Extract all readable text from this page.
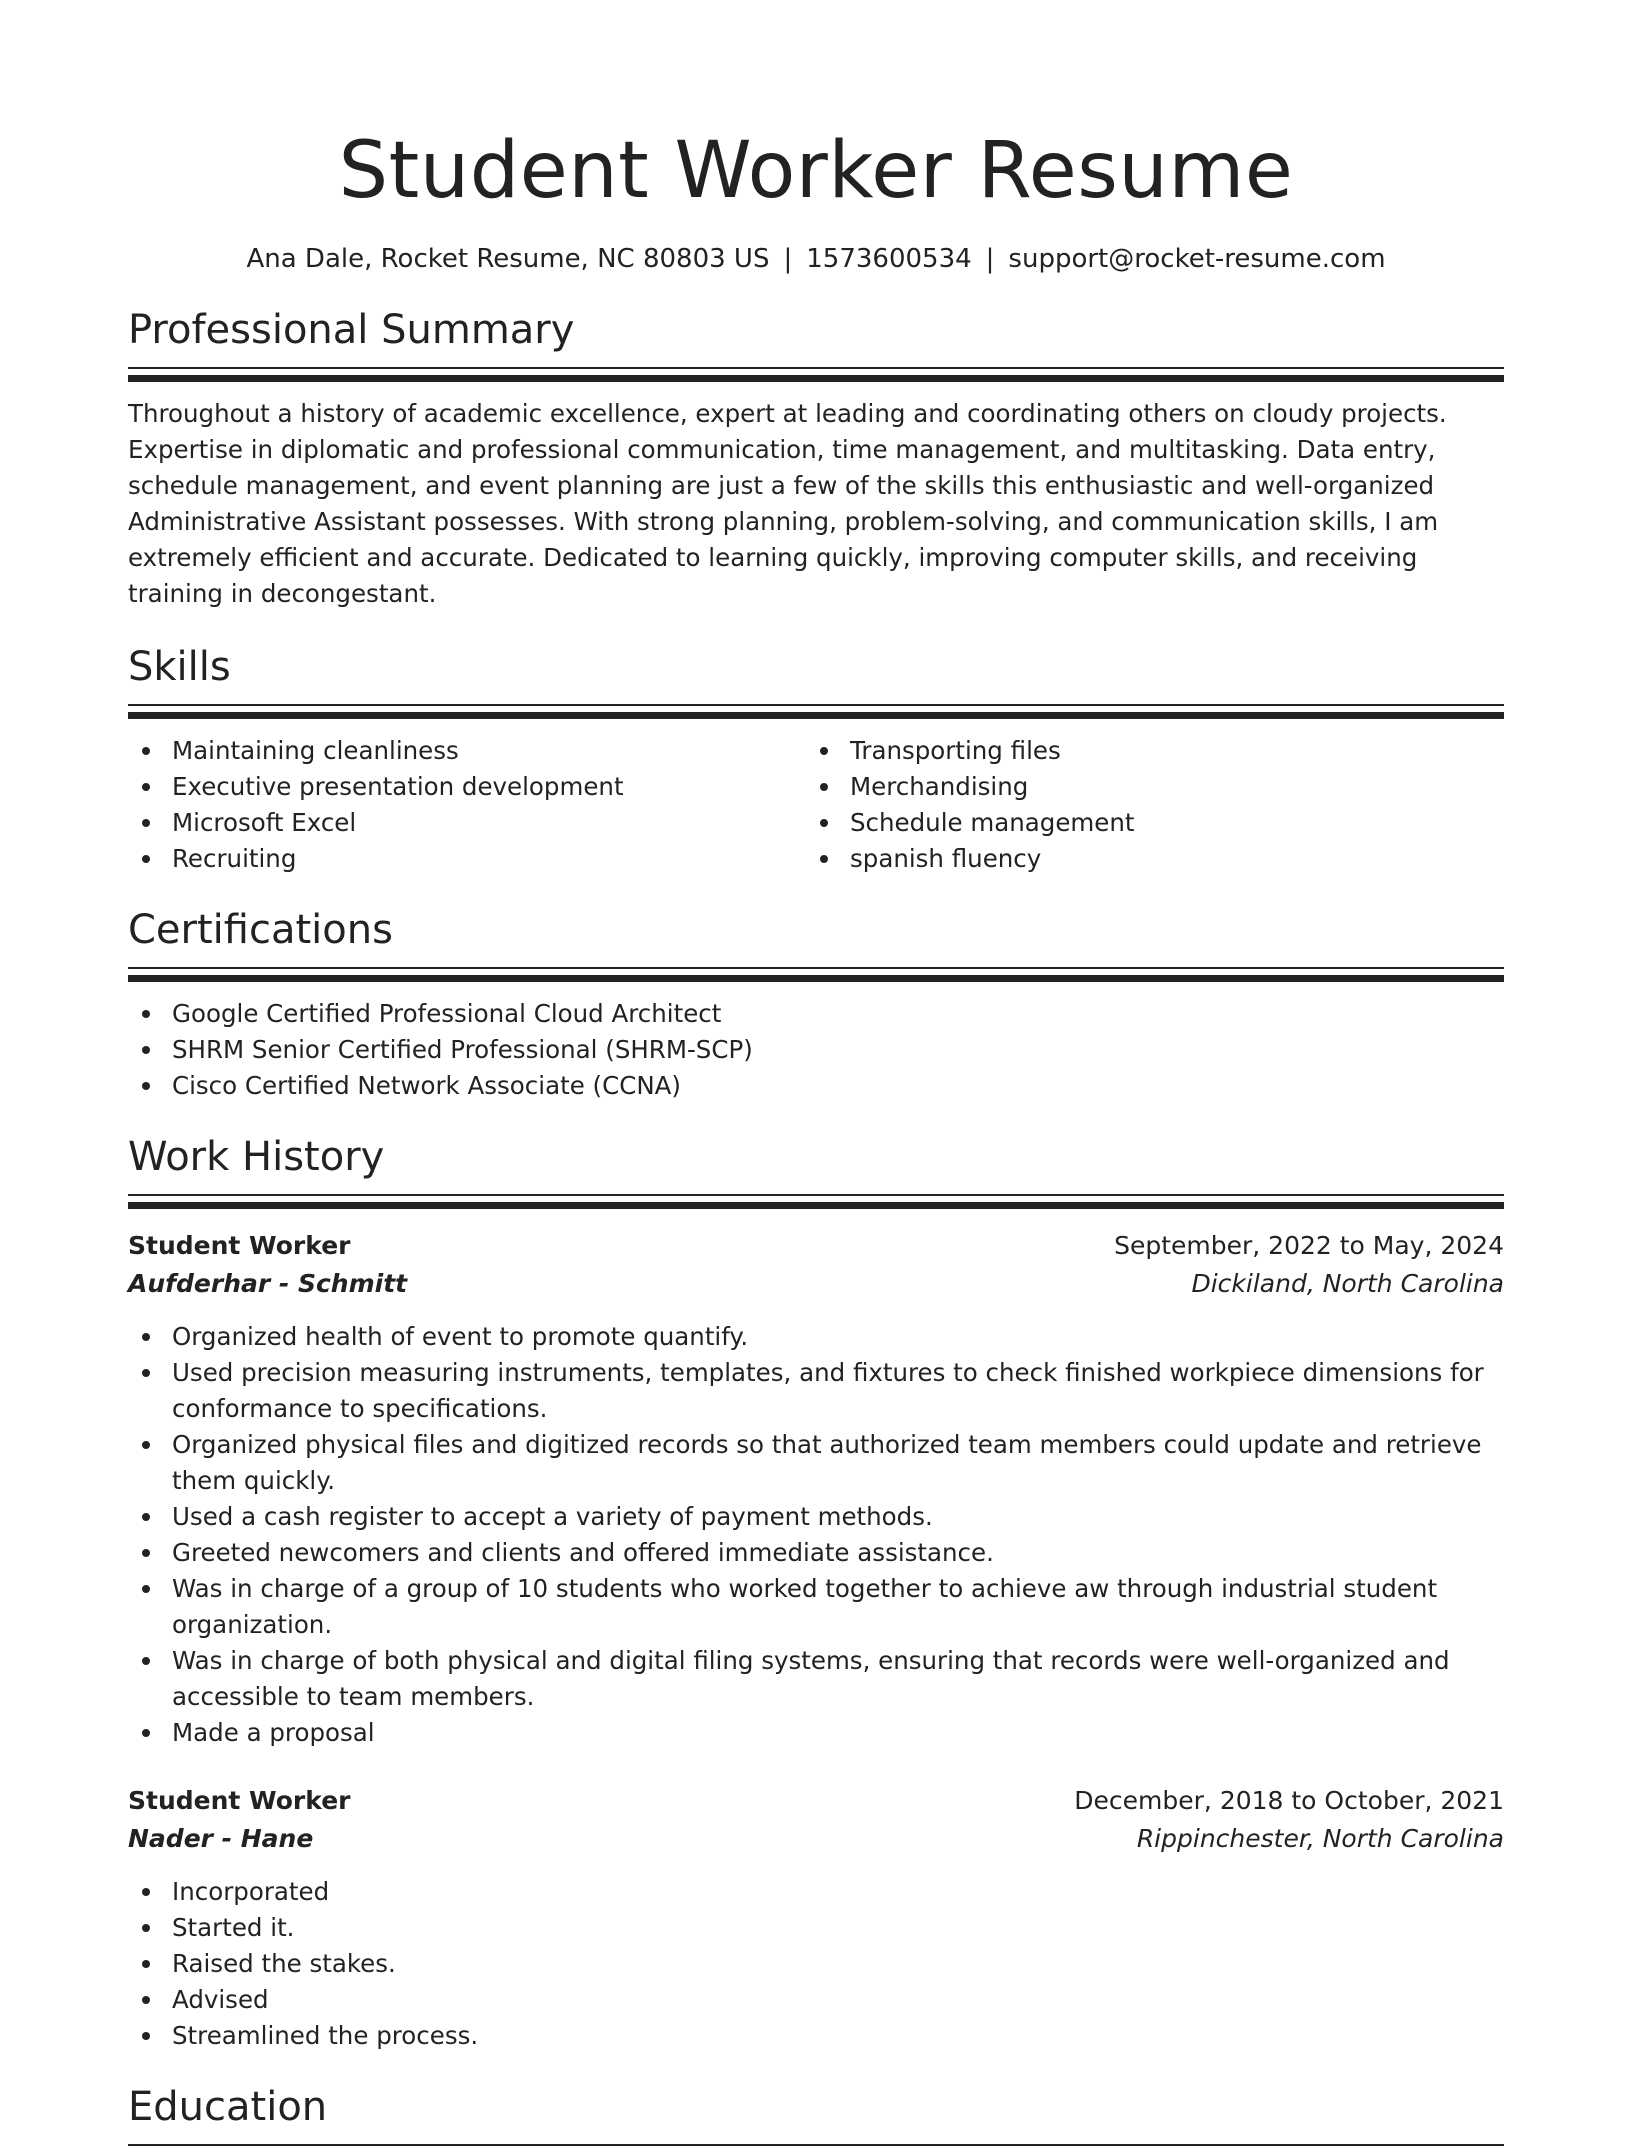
Student Worker Resume
Ana Dale, Rocket Resume, NC 80803 US | 1573600534 | support@rocket-resume.com
Professional Summary
Throughout a history of academic excellence, expert at leading and coordinating others on cloudy projects. Expertise in diplomatic and professional communication, time management, and multitasking. Data entry, schedule management, and event planning are just a few of the skills this enthusiastic and well-organized Administrative Assistant possesses. With strong planning, problem-solving, and communication skills, I am extremely efficient and accurate. Dedicated to learning quickly, improving computer skills, and receiving training in decongestant.
Skills
Maintaining cleanliness
Executive presentation development
Microsoft Excel
Recruiting
Transporting files
Merchandising
Schedule management
spanish fluency
Certifications
Google Certified Professional Cloud Architect
SHRM Senior Certified Professional (SHRM-SCP)
Cisco Certified Network Associate (CCNA)
Work History
Student Worker	September, 2022 to May, 2024
Aufderhar - Schmitt	Dickiland, North Carolina
Organized health of event to promote quantify.
Used precision measuring instruments, templates, and fixtures to check finished workpiece dimensions for conformance to specifications.
Organized physical files and digitized records so that authorized team members could update and retrieve them quickly.
Used a cash register to accept a variety of payment methods.
Greeted newcomers and clients and offered immediate assistance.
Was in charge of a group of 10 students who worked together to achieve aw through industrial student organization.
Was in charge of both physical and digital filing systems, ensuring that records were well-organized and accessible to team members.
Made a proposal
Student Worker	December, 2018 to October, 2021
Nader - Hane	Rippinchester, North Carolina
Incorporated
Started it.
Raised the stakes.
Advised
Streamlined the process.
Education
